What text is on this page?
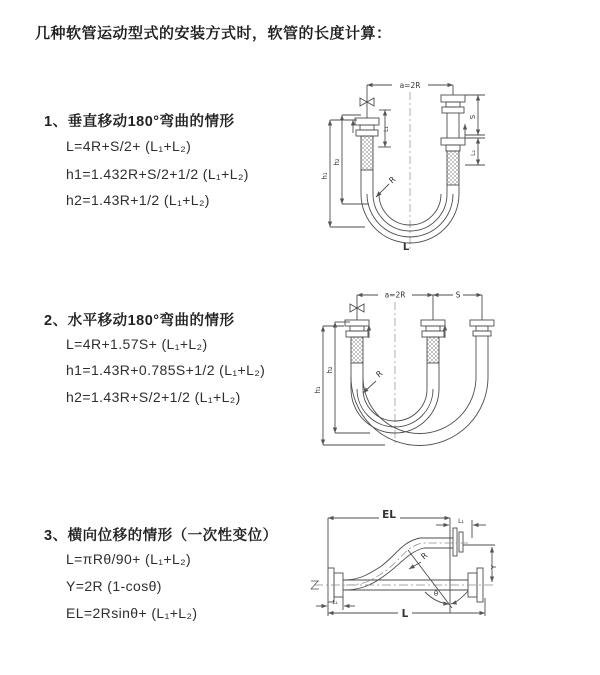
几种软管运动型式的安装方式时，软管的长度计算：
1、垂直移动180°弯曲的情形
L=4R+S/2+ (L₁+L₂)
h1=1.432R+S/2+1/2 (L₁+L₂)
h2=1.43R+1/2 (L₁+L₂)
2、水平移动180°弯曲的情形
L=4R+1.57S+ (L₁+L₂)
h1=1.43R+0.785S+1/2 (L₁+L₂)
h2=1.43R+S/2+1/2 (L₁+L₂)
3、横向位移的情形（一次性变位）
L=πRθ/90+ (L₁+L₂)
Y=2R (1-cosθ)
EL=2Rsinθ+ (L₁+L₂)
a=2R
h₁
h₂
L₁
S
L₂
R
L
a=2R	S
h₁
h₂	R
EL
L₁
Y
R
θ
L
L₁
